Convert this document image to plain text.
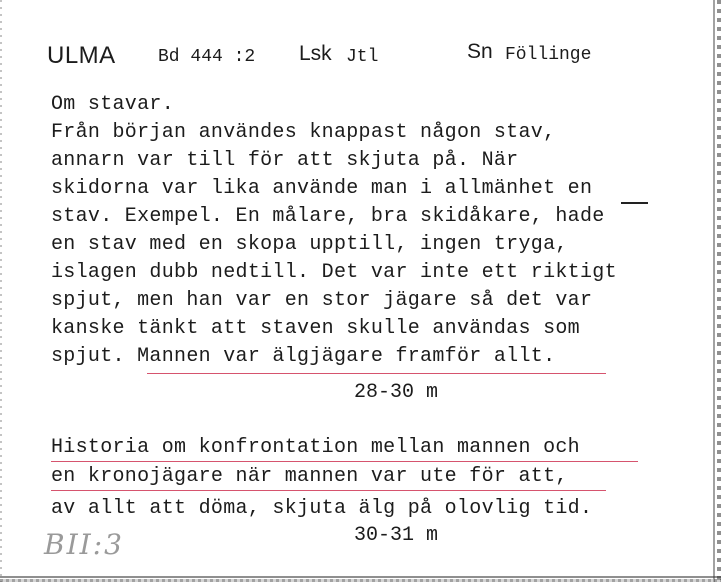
ULMA Bd 444 :2 Lsk Jtl	Sn Föllinge
Om stavar.
Från början användes knappast någon stav,
annarn var till för att skjuta på. När
skidorna var lika använde man i allmänhet en
stav. Exempel. En målare, bra skidåkare, hade
en stav med en skopa upptill, ingen tryga,
islagen dubb nedtill. Det var inte ett riktigt
spjut, men han var en stor jägare så det var
kanske tänkt att staven skulle användas som
spjut. Mannen var älgjägare framför allt.
28-30 m
Historia om konfrontation mellan mannen och
en kronojägare när mannen var ute för att,
av allt att döma, skjuta älg på olovlig tid.
30-31 m
BII:3
